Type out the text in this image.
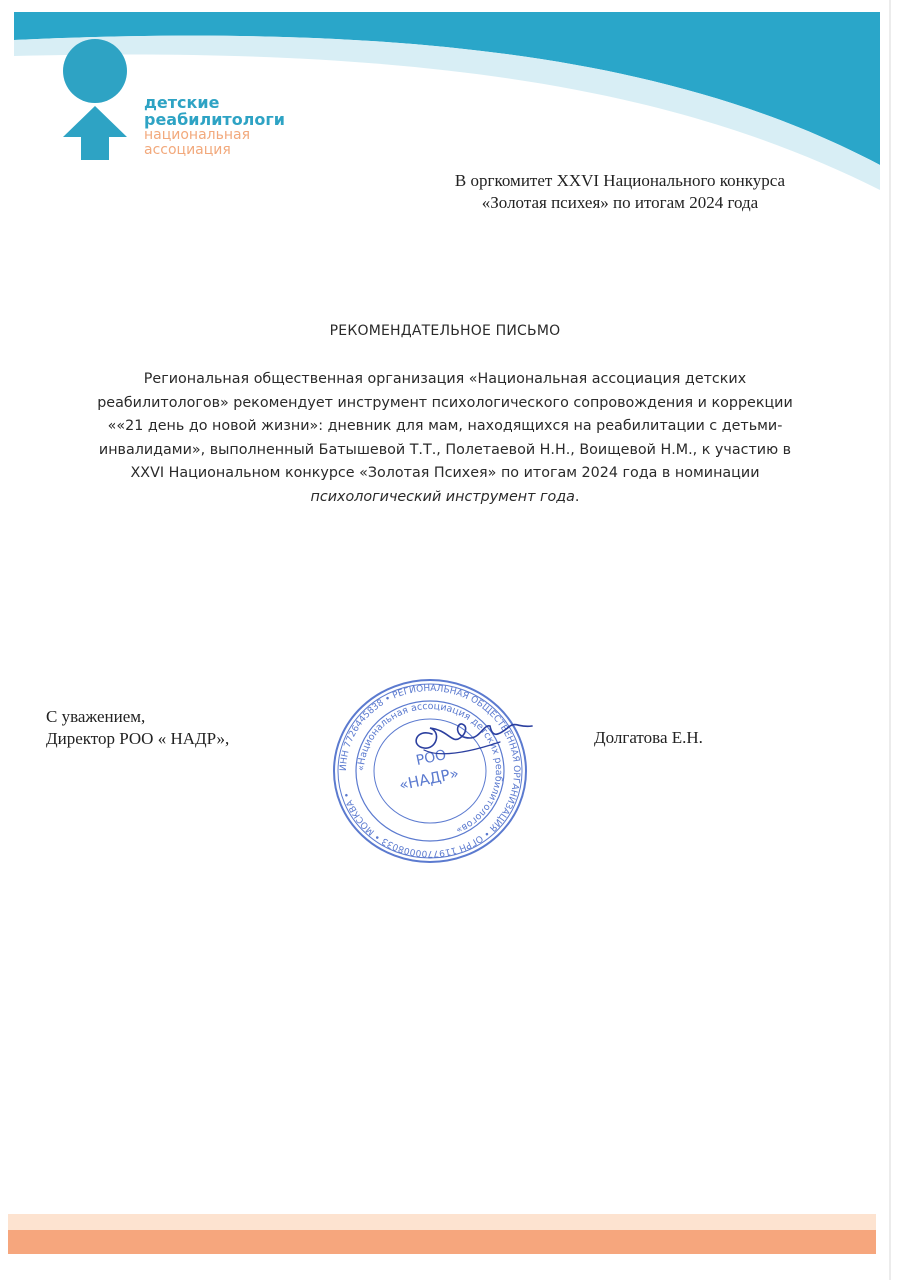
детские
реабилитологи
национальная
ассоциация
В оргкомитет XXVI Национального конкурса
«Золотая психея» по итогам 2024 года
РЕКОМЕНДАТЕЛЬНОЕ ПИСЬМО
Региональная общественная организация «Национальная ассоциация детских реабилитологов» рекомендует инструмент психологического сопровождения и коррекции ««21 день до новой жизни»: дневник для мам, находящихся на реабилитации с детьми-инвалидами», выполненный Батышевой Т.Т., Полетаевой Н.Н., Воищевой Н.М., к участию в XXVI Национальном конкурсе «Золотая Психея» по итогам 2024 года в номинации психологический инструмент года.
С уважением,
Директор РОО « НАДР»,
ИНН 7726445838 • РЕГИОНАЛЬНАЯ ОБЩЕСТВЕННАЯ ОРГАНИЗАЦИЯ • ОГРН 1197700008033 • МОСКВА •
«Национальная ассоциация детских реабилитологов»
РОО
«НАДР»
Долгатова Е.Н.
